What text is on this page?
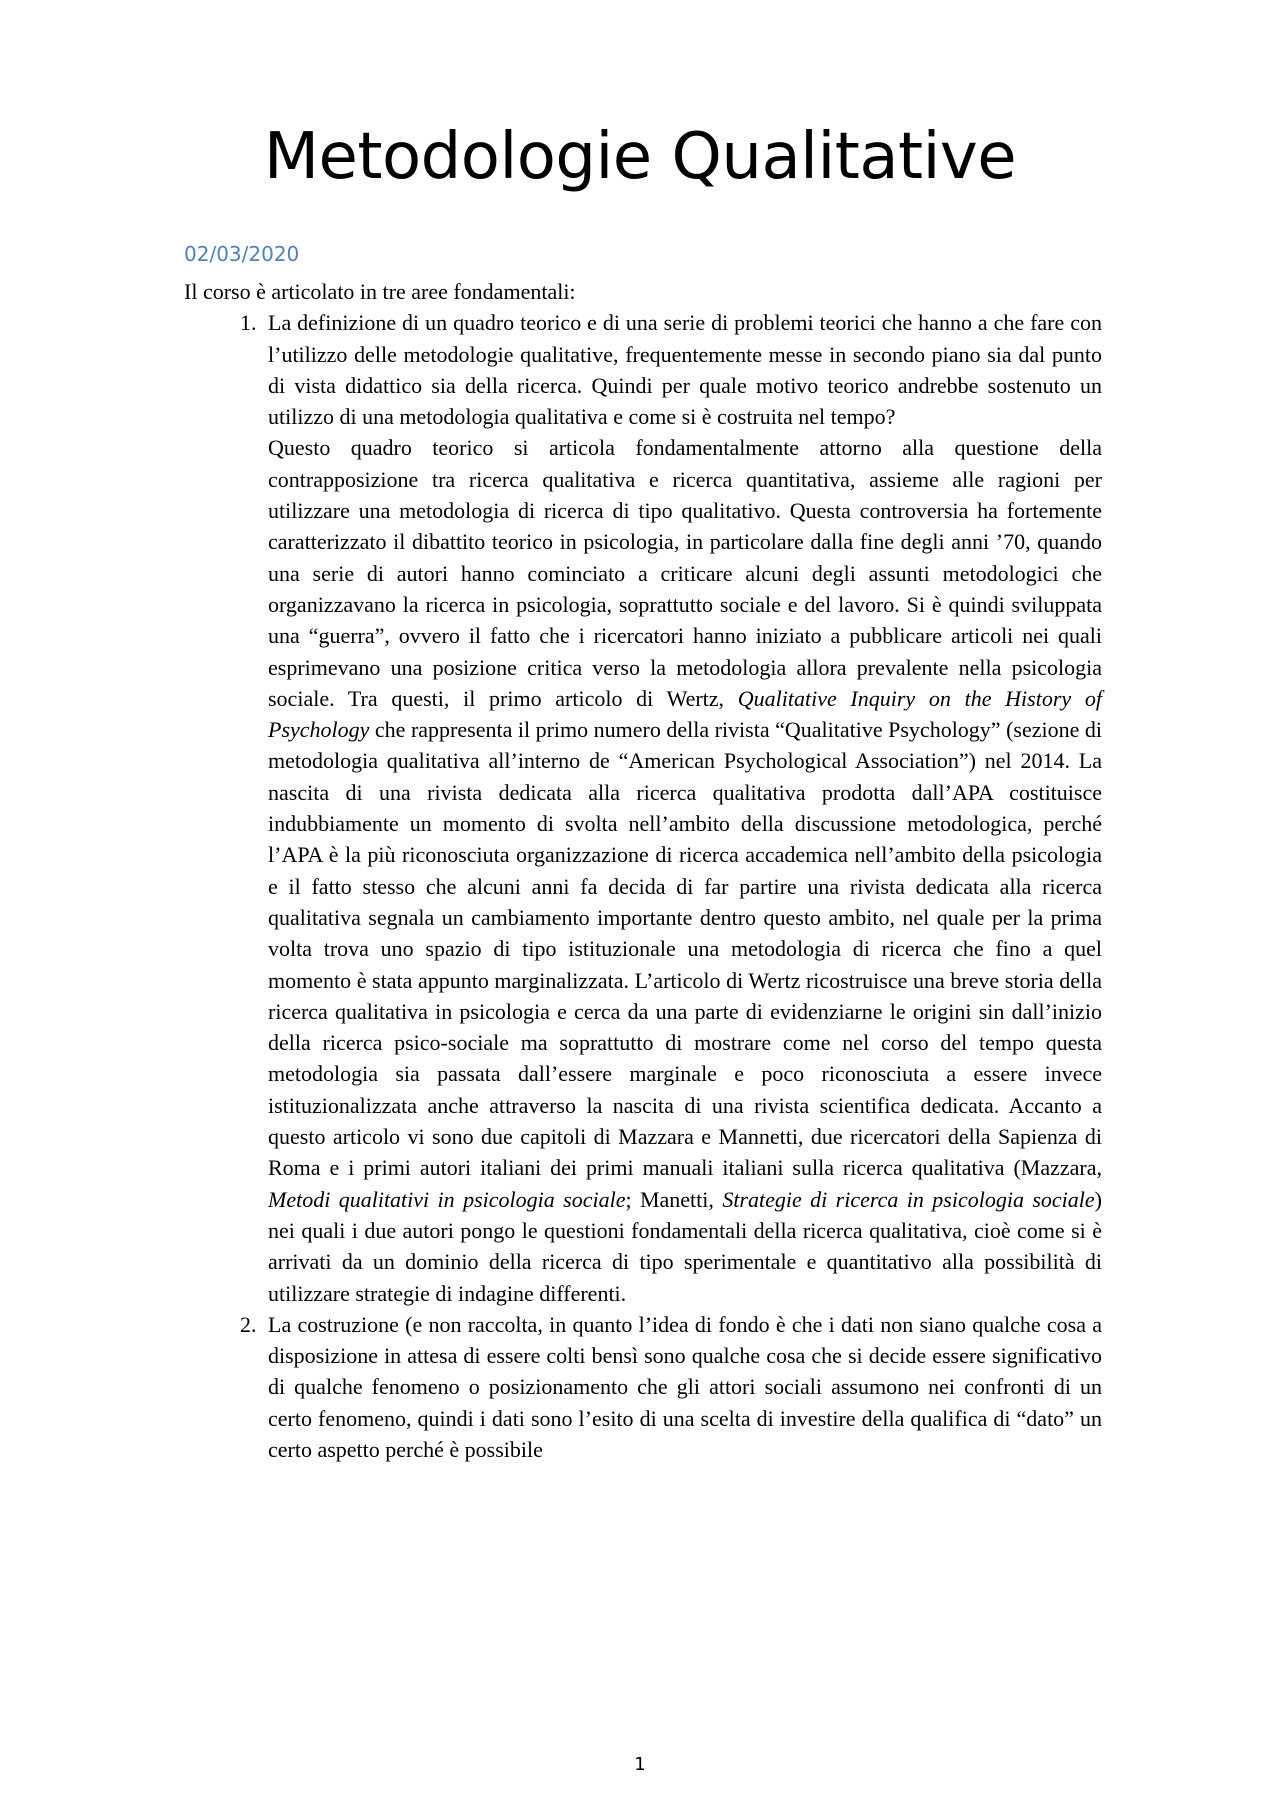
Metodologie Qualitative
02/03/2020

Il corso è articolato in tre aree fondamentali:

1. La definizione di un quadro teorico e di una serie di problemi teorici che hanno a che fare con l’utilizzo delle metodologie qualitative, frequentemente messe in secondo piano sia dal punto di vista didattico sia della ricerca. Quindi per quale motivo teorico andrebbe sostenuto un utilizzo di una metodologia qualitativa e come si è costruita nel tempo?

Questo quadro teorico si articola fondamentalmente attorno alla questione della contrapposizione tra ricerca qualitativa e ricerca quantitativa, assieme alle ragioni per utilizzare una metodologia di ricerca di tipo qualitativo. Questa controversia ha fortemente caratterizzato il dibattito teorico in psicologia, in particolare dalla fine degli anni ’70, quando una serie di autori hanno cominciato a criticare alcuni degli assunti metodologici che organizzavano la ricerca in psicologia, soprattutto sociale e del lavoro. Si è quindi sviluppata una “guerra”, ovvero il fatto che i ricercatori hanno iniziato a pubblicare articoli nei quali esprimevano una posizione critica verso la metodologia allora prevalente nella psicologia sociale. Tra questi, il primo articolo di Wertz, Qualitative Inquiry on the History of Psychology che rappresenta il primo numero della rivista “Qualitative Psychology” (sezione di metodologia qualitativa all’interno de “American Psychological Association”) nel 2014. La nascita di una rivista dedicata alla ricerca qualitativa prodotta dall’APA costituisce indubbiamente un momento di svolta nell’ambito della discussione metodologica, perché l’APA è la più riconosciuta organizzazione di ricerca accademica nell’ambito della psicologia e il fatto stesso che alcuni anni fa decida di far partire una rivista dedicata alla ricerca qualitativa segnala un cambiamento importante dentro questo ambito, nel quale per la prima volta trova uno spazio di tipo istituzionale una metodologia di ricerca che fino a quel momento è stata appunto marginalizzata. L’articolo di Wertz ricostruisce una breve storia della ricerca qualitativa in psicologia e cerca da una parte di evidenziarne le origini sin dall’inizio della ricerca psico-sociale ma soprattutto di mostrare come nel corso del tempo questa metodologia sia passata dall’essere marginale e poco riconosciuta a essere invece istituzionalizzata anche attraverso la nascita di una rivista scientifica dedicata. Accanto a questo articolo vi sono due capitoli di Mazzara e Mannetti, due ricercatori della Sapienza di Roma e i primi autori italiani dei primi manuali italiani sulla ricerca qualitativa (Mazzara, Metodi qualitativi in psicologia sociale; Manetti, Strategie di ricerca in psicologia sociale) nei quali i due autori pongo le questioni fondamentali della ricerca qualitativa, cioè come si è arrivati da un dominio della ricerca di tipo sperimentale e quantitativo alla possibilità di utilizzare strategie di indagine differenti.

2. La costruzione (e non raccolta, in quanto l’idea di fondo è che i dati non siano qualche cosa a disposizione in attesa di essere colti bensì sono qualche cosa che si decide essere significativo di qualche fenomeno o posizionamento che gli attori sociali assumono nei confronti di un certo fenomeno, quindi i dati sono l’esito di una scelta di investire della qualifica di “dato” un certo aspetto perché è possibile

1
